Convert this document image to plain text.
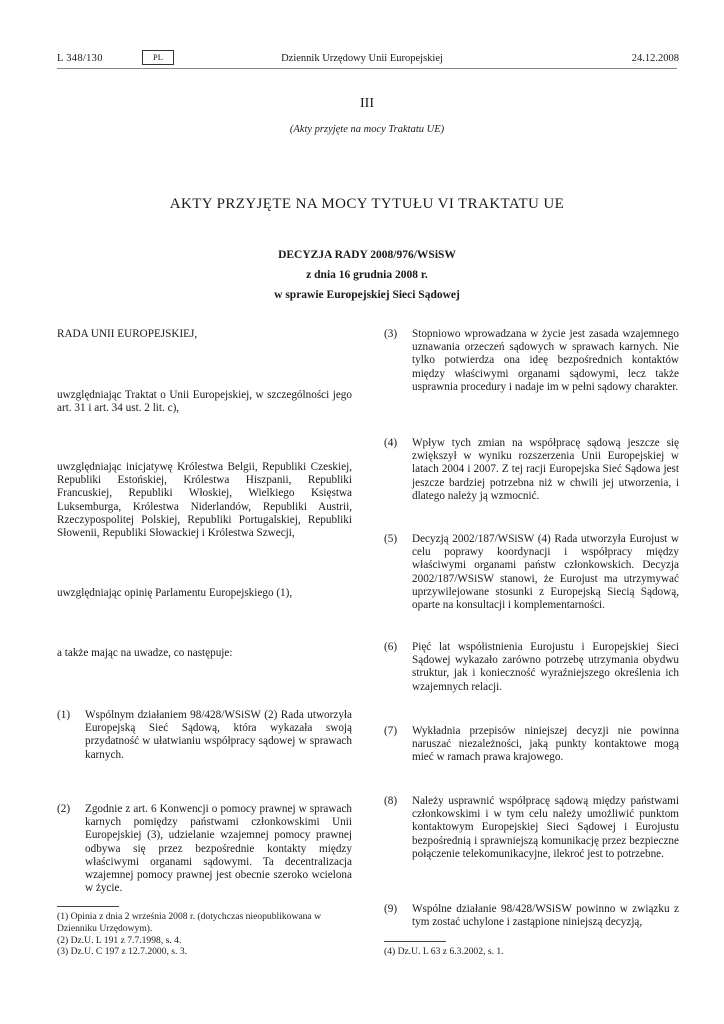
L 348/130	PL	Dziennik Urzędowy Unii Europejskiej	24.12.2008
III
(Akty przyjęte na mocy Traktatu UE)
AKTY PRZYJĘTE NA MOCY TYTUŁU VI TRAKTATU UE
DECYZJA RADY 2008/976/WSiSW
z dnia 16 grudnia 2008 r.
w sprawie Europejskiej Sieci Sądowej
RADA UNII EUROPEJSKIEJ,
uwzględniając Traktat o Unii Europejskiej, w szczególności jego art. 31 i art. 34 ust. 2 lit. c),
uwzględniając inicjatywę Królestwa Belgii, Republiki Czeskiej, Republiki Estońskiej, Królestwa Hiszpanii, Republiki Francuskiej, Republiki Włoskiej, Wielkiego Księstwa Luksemburga, Królestwa Niderlandów, Republiki Austrii, Rzeczypospolitej Polskiej, Republiki Portugalskiej, Republiki Słowenii, Republiki Słowackiej i Królestwa Szwecji,
uwzględniając opinię Parlamentu Europejskiego (1),
a także mając na uwadze, co następuje:
(1) Wspólnym działaniem 98/428/WSiSW (2) Rada utworzyła Europejską Sieć Sądową, która wykazała swoją przydatność w ułatwianiu współpracy sądowej w sprawach karnych.
(2) Zgodnie z art. 6 Konwencji o pomocy prawnej w sprawach karnych pomiędzy państwami członkowskimi Unii Europejskiej (3), udzielanie wzajemnej pomocy prawnej odbywa się przez bezpośrednie kontakty między właściwymi organami sądowymi. Ta decentralizacja wzajemnej pomocy prawnej jest obecnie szeroko wcielona w życie.
(1) Opinia z dnia 2 września 2008 r. (dotychczas nieopublikowana w Dzienniku Urzędowym).
(2) Dz.U. L 191 z 7.7.1998, s. 4.
(3) Dz.U. C 197 z 12.7.2000, s. 3.
(3) Stopniowo wprowadzana w życie jest zasada wzajemnego uznawania orzeczeń sądowych w sprawach karnych. Nie tylko potwierdza ona ideę bezpośrednich kontaktów między właściwymi organami sądowymi, lecz także usprawnia procedury i nadaje im w pełni sądowy charakter.
(4) Wpływ tych zmian na współpracę sądową jeszcze się zwiększył w wyniku rozszerzenia Unii Europejskiej w latach 2004 i 2007. Z tej racji Europejska Sieć Sądowa jest jeszcze bardziej potrzebna niż w chwili jej utworzenia, i dlatego należy ją wzmocnić.
(5) Decyzją 2002/187/WSiSW (4) Rada utworzyła Eurojust w celu poprawy koordynacji i współpracy między właściwymi organami państw członkowskich. Decyzja 2002/187/WSiSW stanowi, że Eurojust ma utrzymywać uprzywilejowane stosunki z Europejską Siecią Sądową, oparte na konsultacji i komplementarności.
(6) Pięć lat współistnienia Eurojustu i Europejskiej Sieci Sądowej wykazało zarówno potrzebę utrzymania obydwu struktur, jak i konieczność wyraźniejszego określenia ich wzajemnych relacji.
(7) Wykładnia przepisów niniejszej decyzji nie powinna naruszać niezależności, jaką punkty kontaktowe mogą mieć w ramach prawa krajowego.
(8) Należy usprawnić współpracę sądową między państwami członkowskimi i w tym celu należy umożliwić punktom kontaktowym Europejskiej Sieci Sądowej i Eurojustu bezpośrednią i sprawniejszą komunikację przez bezpieczne połączenie telekomunikacyjne, ilekroć jest to potrzebne.
(9) Wspólne działanie 98/428/WSiSW powinno w związku z tym zostać uchylone i zastąpione niniejszą decyzją,
(4) Dz.U. L 63 z 6.3.2002, s. 1.
